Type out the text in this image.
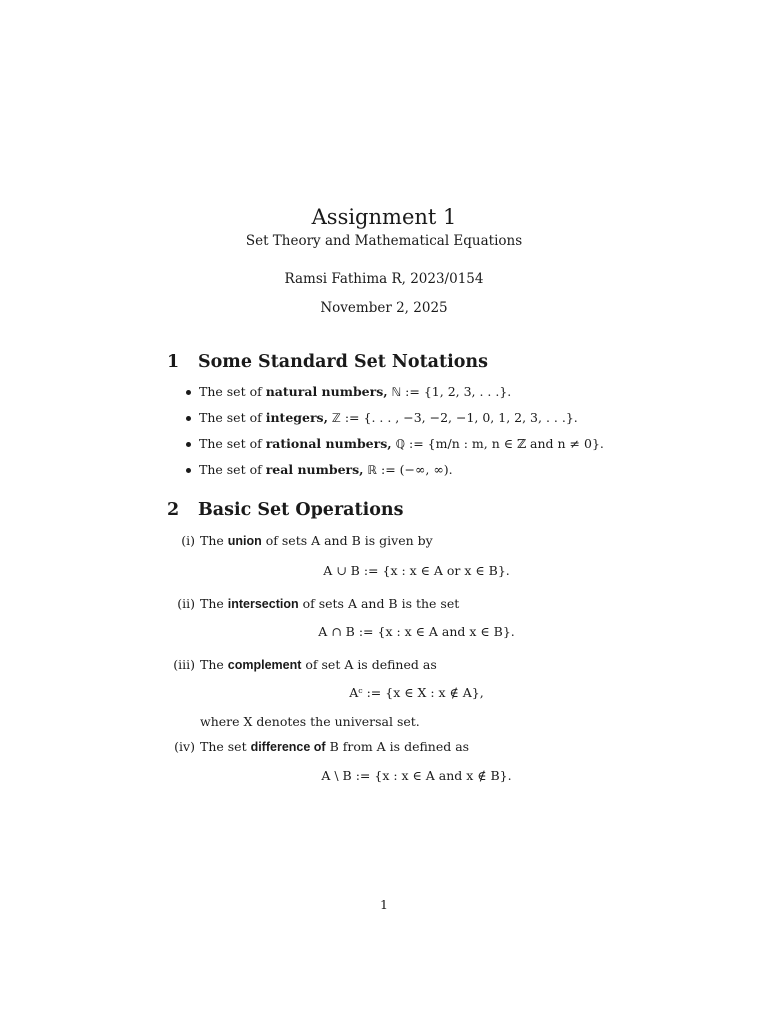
Assignment 1
Set Theory and Mathematical Equations
Ramsi Fathima R, 2023/0154
November 2, 2025
1 Some Standard Set Notations
The set of natural numbers, ℕ := {1, 2, 3, . . .}.
The set of integers, ℤ := {. . . , −3, −2, −1, 0, 1, 2, 3, . . .}.
The set of rational numbers, ℚ := {m/n : m, n ∈ ℤ and n ≠ 0}.
The set of real numbers, ℝ := (−∞, ∞).
2 Basic Set Operations
(i) The union of sets A and B is given by
A ∪ B := {x : x ∈ A or x ∈ B}.
(ii) The intersection of sets A and B is the set
A ∩ B := {x : x ∈ A and x ∈ B}.
(iii) The complement of set A is defined as
Aᶜ := {x ∈ X : x ∉ A},
where X denotes the universal set.
(iv) The set difference of B from A is defined as
A \ B := {x : x ∈ A and x ∉ B}.
1
